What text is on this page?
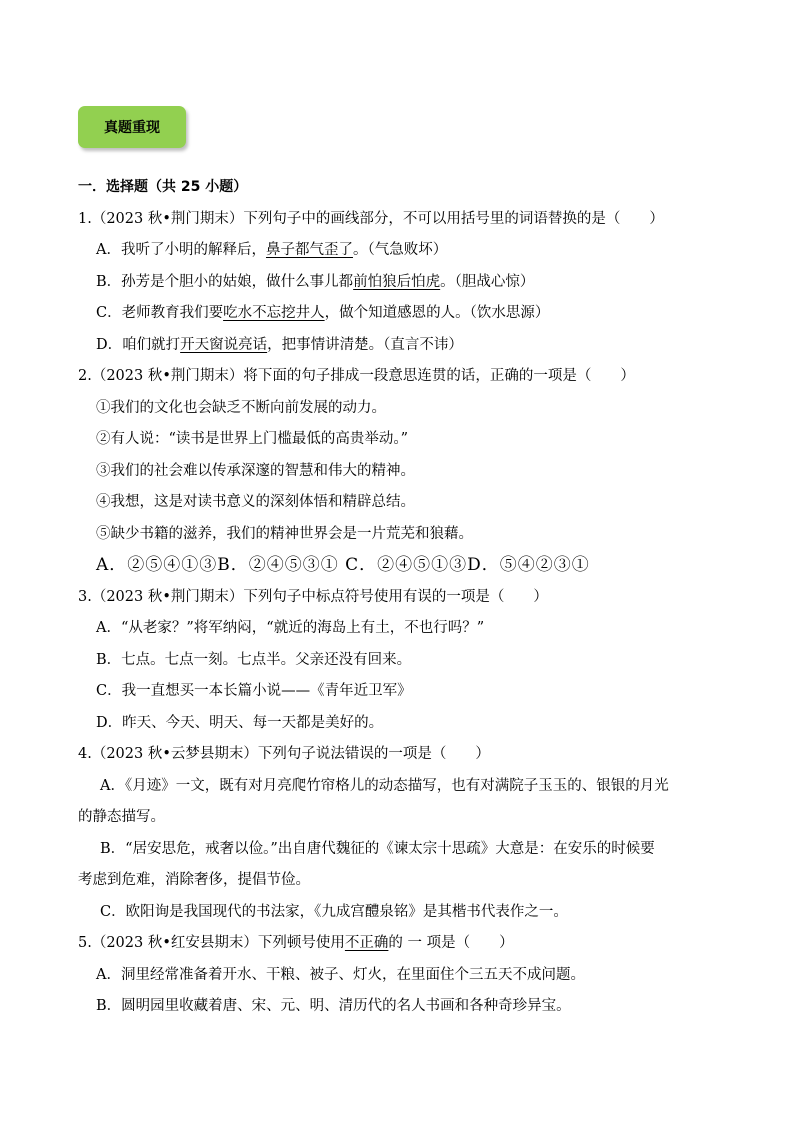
真题重现
一．选择题（共 25 小题）
1.（2023 秋•荆门期末）下列句子中的画线部分，不可以用括号里的词语替换的是（　　）
A．我听了小明的解释后，鼻子都气歪了。（气急败坏）
B．孙芳是个胆小的姑娘，做什么事儿都前怕狼后怕虎。（胆战心惊）
C．老师教育我们要吃水不忘挖井人，做个知道感恩的人。（饮水思源）
D．咱们就打开天窗说亮话，把事情讲清楚。（直言不讳）
2.（2023 秋•荆门期末）将下面的句子排成一段意思连贯的话，正确的一项是（　　）
①我们的文化也会缺乏不断向前发展的动力。
②有人说：“读书是世界上门槛最低的高贵举动。”
③我们的社会难以传承深邃的智慧和伟大的精神。
④我想，这是对读书意义的深刻体悟和精辟总结。
⑤缺少书籍的滋养，我们的精神世界会是一片荒芜和狼藉。
A．②⑤④①③B．②④⑤③① C．②④⑤①③D．⑤④②③①
3.（2023 秋•荆门期末）下列句子中标点符号使用有误的一项是（　　）
A．“从老家？”将军纳闷，“就近的海岛上有土，不也行吗？”
B．七点。七点一刻。七点半。父亲还没有回来。
C．我一直想买一本长篇小说——《青年近卫军》
D．昨天、今天、明天、每一天都是美好的。
4.（2023 秋•云梦县期末）下列句子说法错误的一项是（　　）
A．《月迹》一文，既有对月亮爬竹帘格儿的动态描写，也有对满院子玉玉的、银银的月光
的静态描写。
B．“居安思危，戒奢以俭。”出自唐代魏征的《谏太宗十思疏》大意是：在安乐的时候要
考虑到危难，消除奢侈，提倡节俭。
C．欧阳询是我国现代的书法家，《九成宫醴泉铭》是其楷书代表作之一。
5.（2023 秋•红安县期末）下列顿号使用不正确的 一 项是（　　）
A．洞里经常准备着开水、干粮、被子、灯火，在里面住个三五天不成问题。
B．圆明园里收藏着唐、宋、元、明、清历代的名人书画和各种奇珍异宝。
